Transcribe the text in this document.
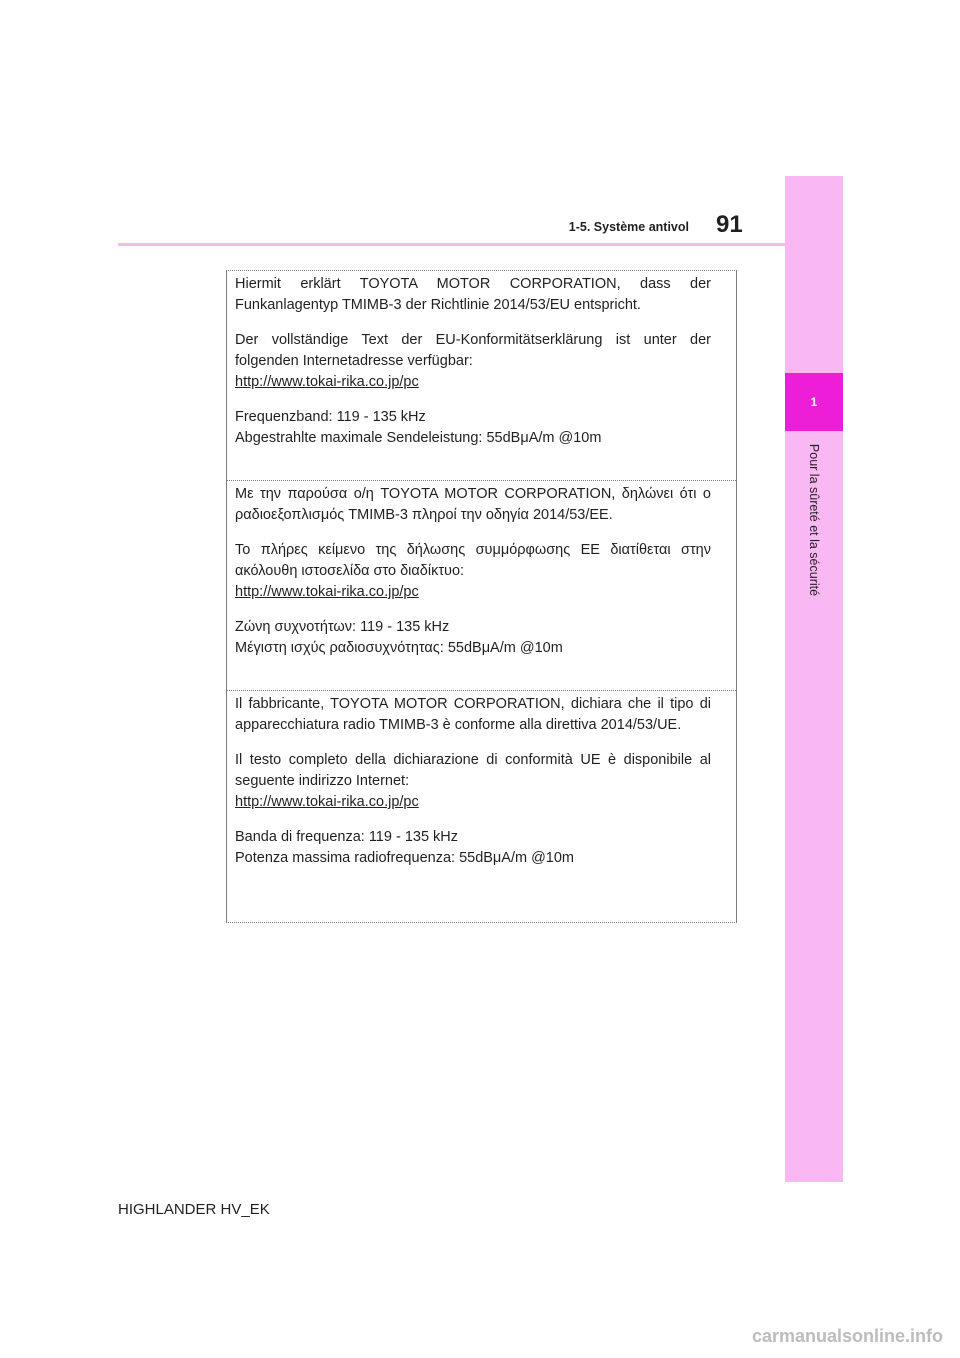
1
Pour la sûreté et la sécurité
1-5. Système antivol 91

Hiermit erklärt TOYOTA MOTOR CORPORATION, dass der Funkanlagentyp TMIMB-3 der Richtlinie 2014/53/EU entspricht.

Der vollständige Text der EU-Konformitätserklärung ist unter der folgenden Internetadresse verfügbar:
http://www.tokai-rika.co.jp/pc

Frequenzband: 119 - 135 kHz
Abgestrahlte maximale Sendeleistung: 55dBμA/m @10m

Με την παρούσα ο/η TOYOTA MOTOR CORPORATION, δηλώνει ότι ο ραδιοεξοπλισμός TMIMB-3 πληροί την οδηγία 2014/53/ΕΕ.

Το πλήρες κείμενο της δήλωσης συμμόρφωσης ΕΕ διατίθεται στην ακόλουθη ιστοσελίδα στο διαδίκτυο:
http://www.tokai-rika.co.jp/pc

Ζώνη συχνοτήτων: 119 - 135 kHz
Μέγιστη ισχύς ραδιοσυχνότητας: 55dBμA/m @10m

Il fabbricante, TOYOTA MOTOR CORPORATION, dichiara che il tipo di apparecchiatura radio TMIMB-3 è conforme alla direttiva 2014/53/UE.

Il testo completo della dichiarazione di conformità UE è disponibile al seguente indirizzo Internet:
http://www.tokai-rika.co.jp/pc

Banda di frequenza: 119 - 135 kHz
Potenza massima radiofrequenza: 55dBμA/m @10m

HIGHLANDER HV_EK
carmanualsonline.info
